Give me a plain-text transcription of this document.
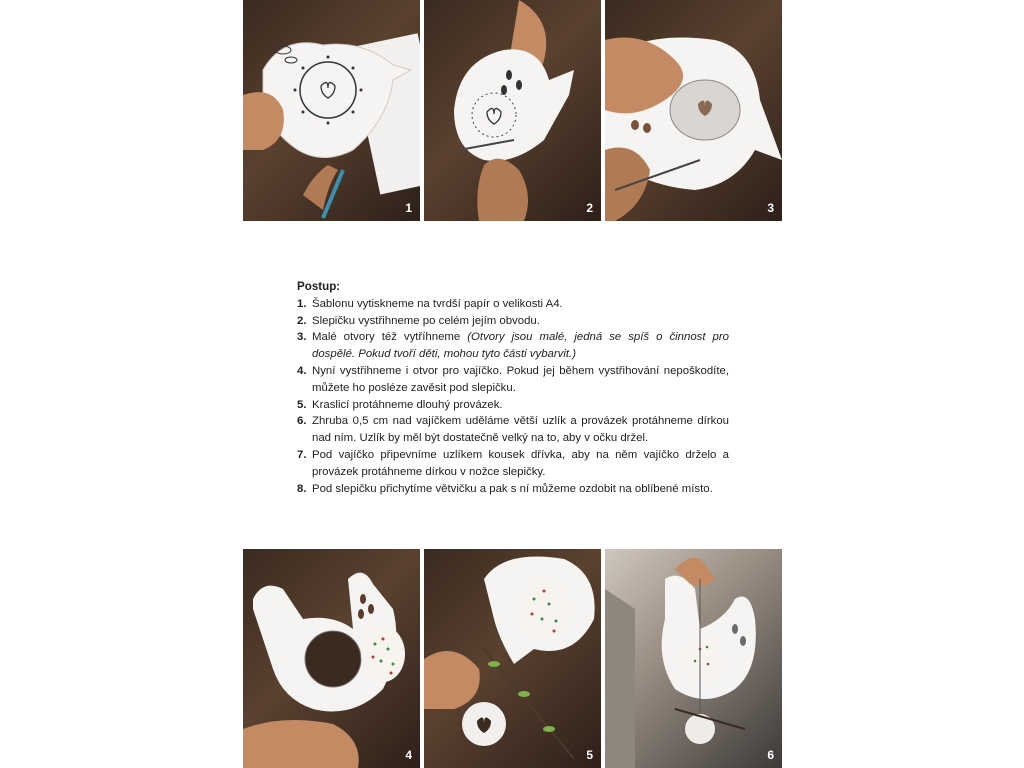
1	2	3
Postup:
1. Šablonu vytiskneme na tvrdší papír o velikosti A4.
2. Slepičku vystřihneme po celém jejím obvodu.
3. Malé otvory též vytříhneme (Otvory jsou malé, jedná se spíš o činnost pro dospělé. Pokud tvoří děti, mohou tyto části vybarvit.)
4. Nyní vystřihneme i otvor pro vajíčko. Pokud jej během vystřihování nepoškodíte, můžete ho posléze zavěsit pod slepičku.
5. Kraslicí protáhneme dlouhý provázek.
6. Zhruba 0,5 cm nad vajíčkem uděláme větší uzlík a provázek protáhneme dírkou nad ním. Uzlík by měl být dostatečně velký na to, aby v očku držel.
7. Pod vajíčko připevníme uzlíkem kousek dřívka, aby na něm vajíčko drželo a provázek protáhneme dírkou v nožce slepičky.
8. Pod slepičku přichytíme větvičku a pak s ní můžeme ozdobit na oblíbené místo.
4	5	6
